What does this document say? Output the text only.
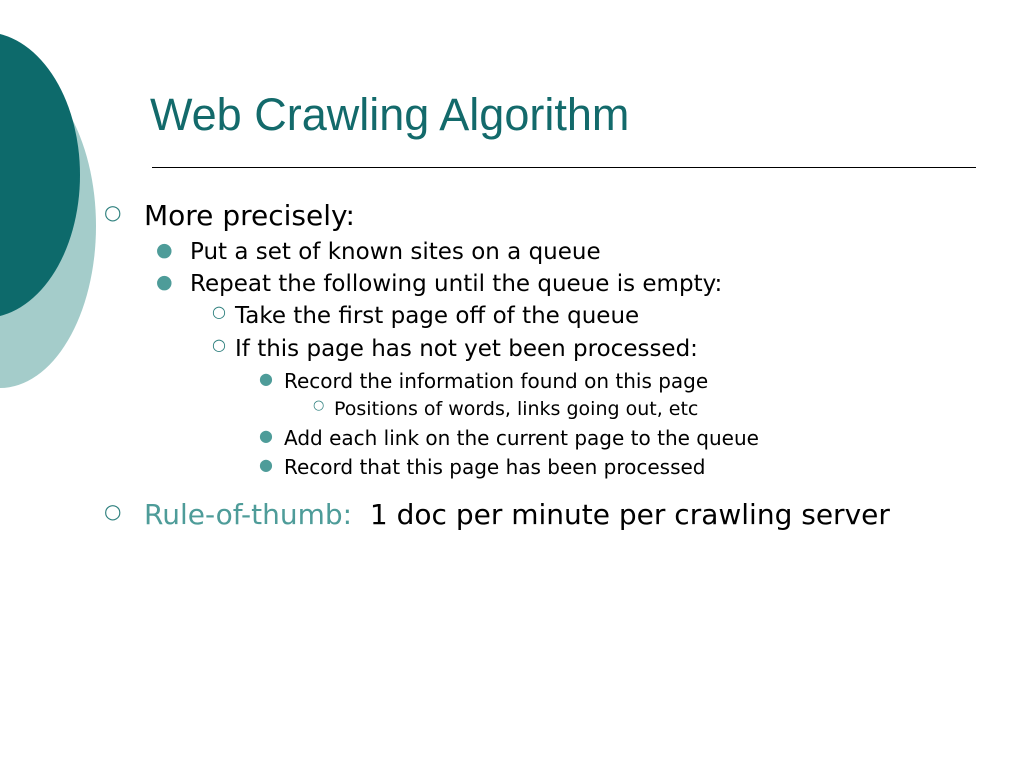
Web Crawling Algorithm
○ More precisely:
● Put a set of known sites on a queue
● Repeat the following until the queue is empty:
○ Take the first page off of the queue
○ If this page has not yet been processed:
● Record the information found on this page
○ Positions of words, links going out, etc
● Add each link on the current page to the queue
● Record that this page has been processed
○ Rule-of-thumb:  1 doc per minute per crawling server
